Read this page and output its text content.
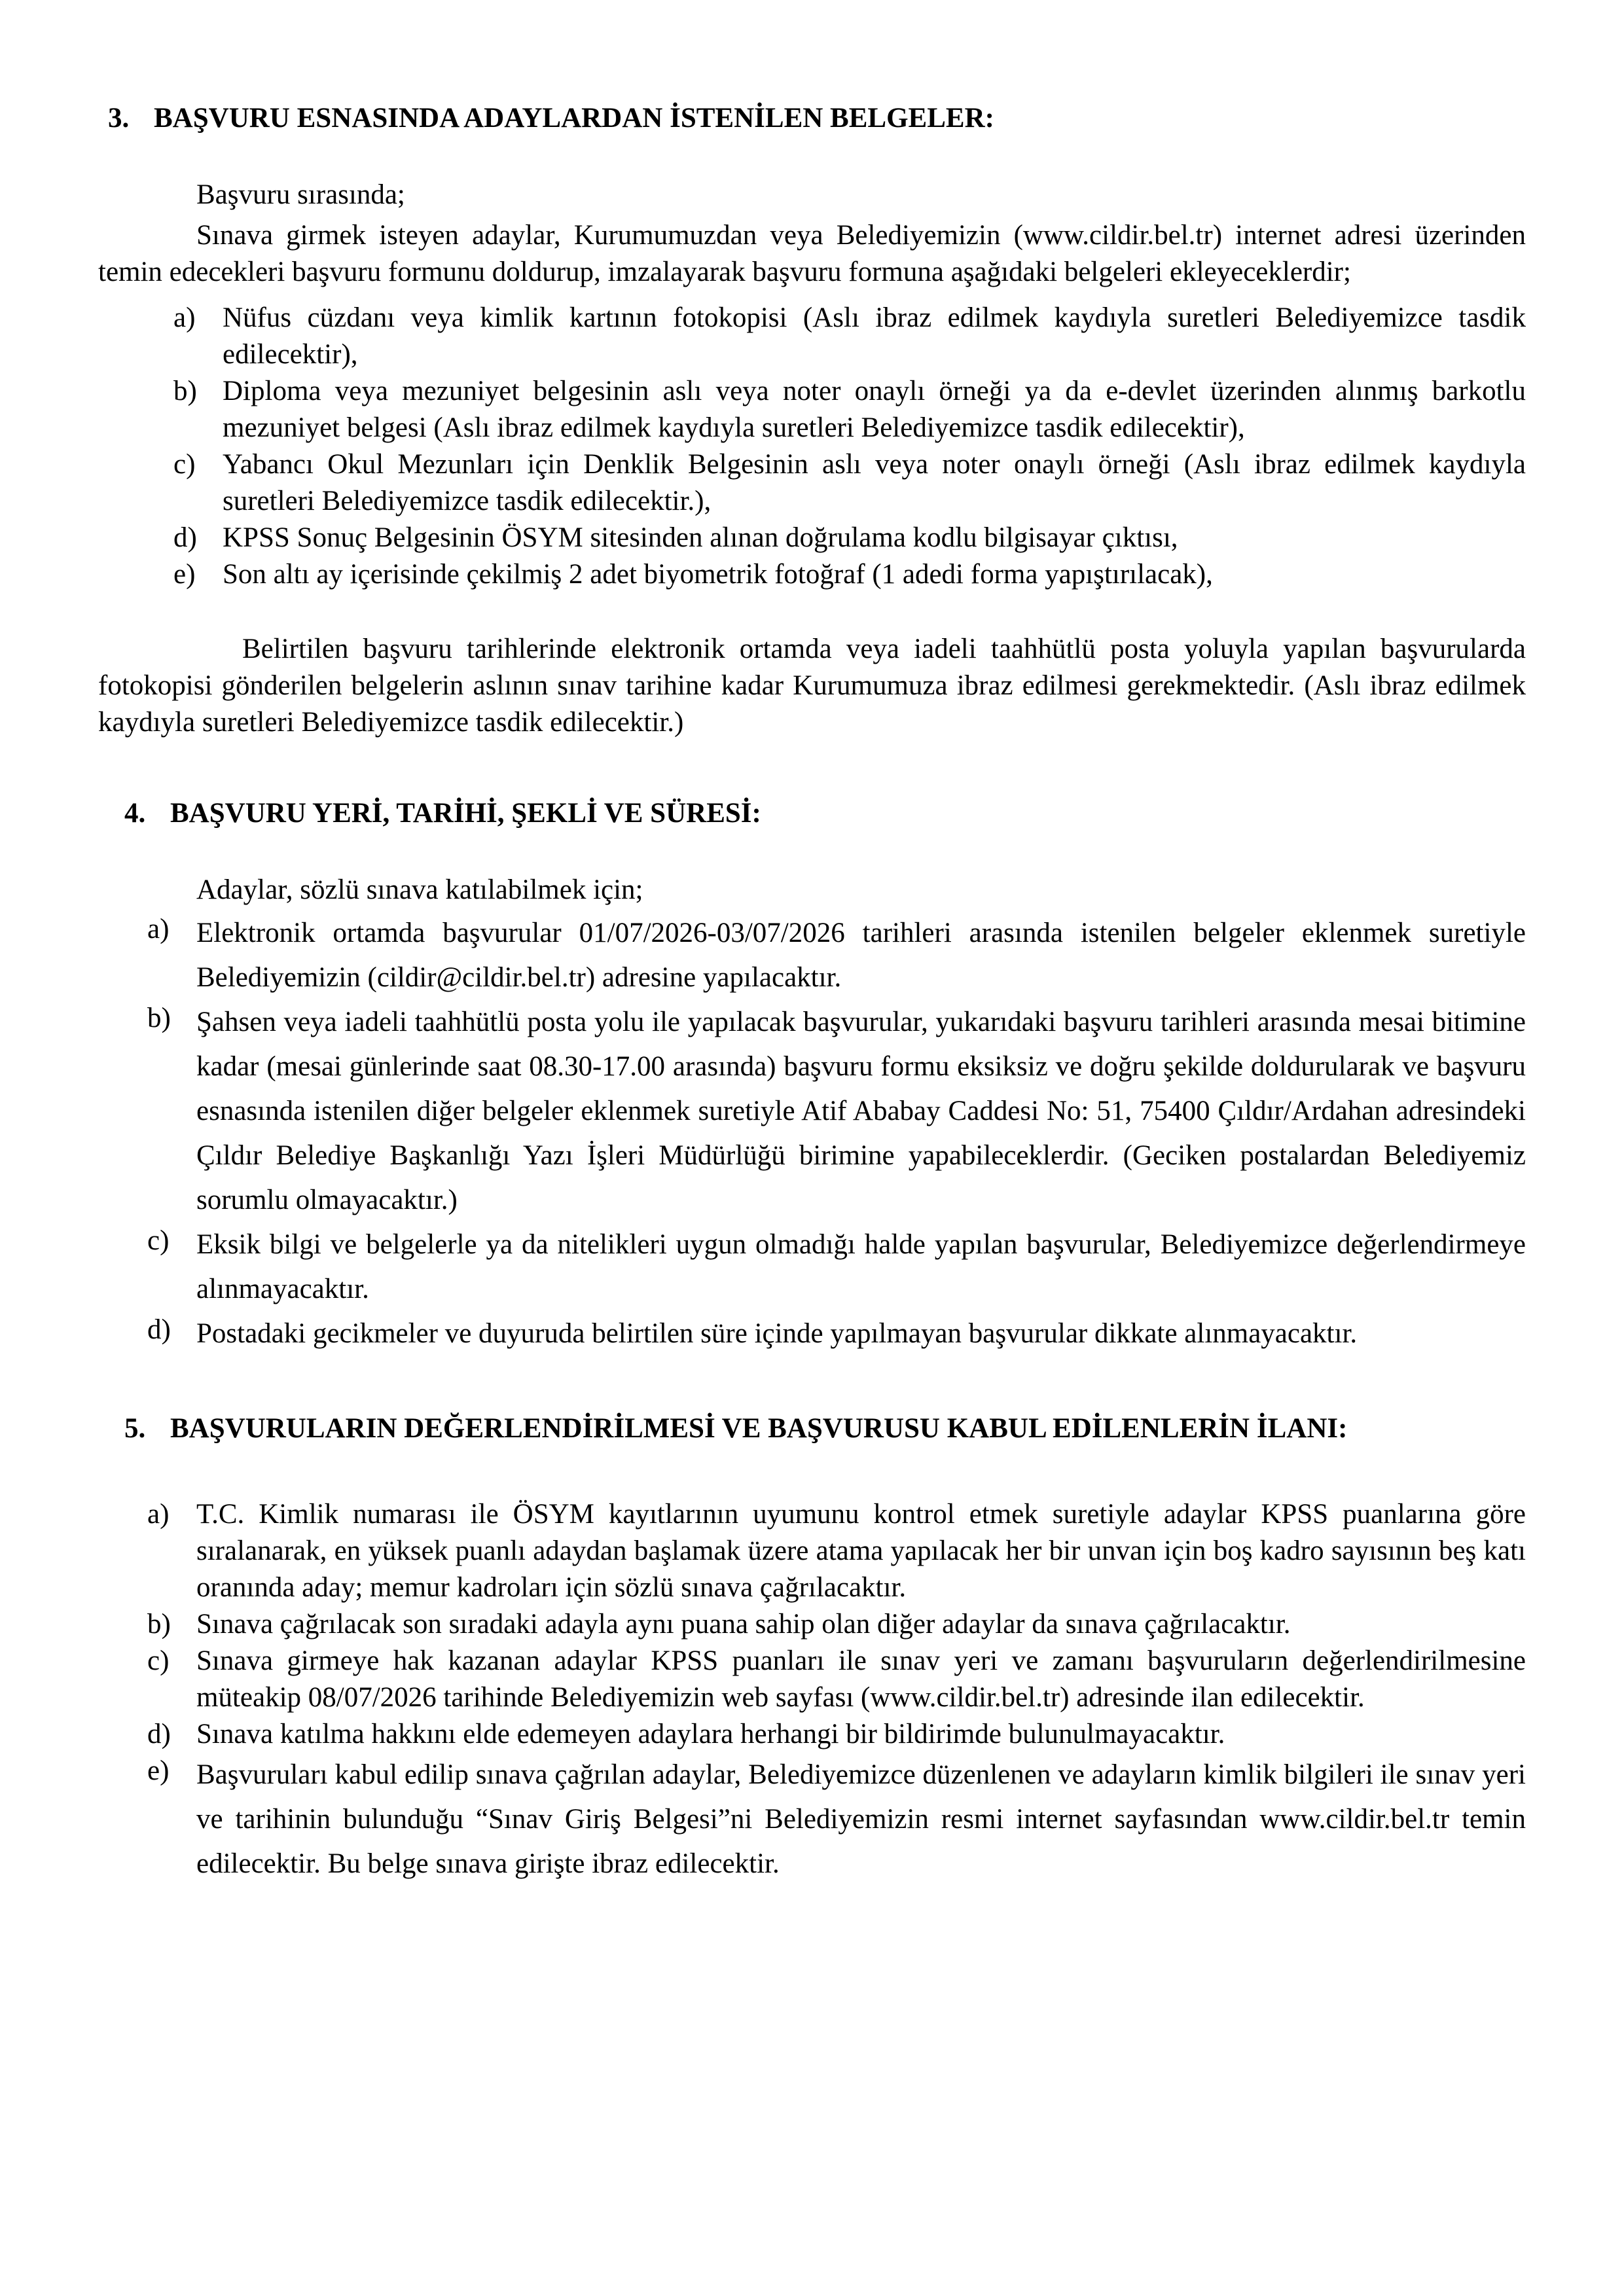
3. BAŞVURU ESNASINDA ADAYLARDAN İSTENİLEN BELGELER:

Başvuru sırasında;

Sınava girmek isteyen adaylar, Kurumumuzdan veya Belediyemizin (www.cildir.bel.tr) internet adresi üzerinden temin edecekleri başvuru formunu doldurup, imzalayarak başvuru formuna aşağıdaki belgeleri ekleyeceklerdir;

a) Nüfus cüzdanı veya kimlik kartının fotokopisi (Aslı ibraz edilmek kaydıyla suretleri Belediyemizce tasdik edilecektir),
b) Diploma veya mezuniyet belgesinin aslı veya noter onaylı örneği ya da e-devlet üzerinden alınmış barkotlu mezuniyet belgesi (Aslı ibraz edilmek kaydıyla suretleri Belediyemizce tasdik edilecektir),
c) Yabancı Okul Mezunları için Denklik Belgesinin aslı veya noter onaylı örneği (Aslı ibraz edilmek kaydıyla suretleri Belediyemizce tasdik edilecektir.),
d) KPSS Sonuç Belgesinin ÖSYM sitesinden alınan doğrulama kodlu bilgisayar çıktısı,
e) Son altı ay içerisinde çekilmiş 2 adet biyometrik fotoğraf (1 adedi forma yapıştırılacak),

Belirtilen başvuru tarihlerinde elektronik ortamda veya iadeli taahhütlü posta yoluyla yapılan başvurularda fotokopisi gönderilen belgelerin aslının sınav tarihine kadar Kurumumuza ibraz edilmesi gerekmektedir. (Aslı ibraz edilmek kaydıyla suretleri Belediyemizce tasdik edilecektir.)

4. BAŞVURU YERİ, TARİHİ, ŞEKLİ VE SÜRESİ:

Adaylar, sözlü sınava katılabilmek için;

a) Elektronik ortamda başvurular 01/07/2026-03/07/2026 tarihleri arasında istenilen belgeler eklenmek suretiyle Belediyemizin (cildir@cildir.bel.tr) adresine yapılacaktır.
b) Şahsen veya iadeli taahhütlü posta yolu ile yapılacak başvurular, yukarıdaki başvuru tarihleri arasında mesai bitimine kadar (mesai günlerinde saat 08.30-17.00 arasında) başvuru formu eksiksiz ve doğru şekilde doldurularak ve başvuru esnasında istenilen diğer belgeler eklenmek suretiyle Atif Ababay Caddesi No: 51, 75400 Çıldır/Ardahan adresindeki Çıldır Belediye Başkanlığı Yazı İşleri Müdürlüğü birimine yapabileceklerdir. (Geciken postalardan Belediyemiz sorumlu olmayacaktır.)
c) Eksik bilgi ve belgelerle ya da nitelikleri uygun olmadığı halde yapılan başvurular, Belediyemizce değerlendirmeye alınmayacaktır.
d) Postadaki gecikmeler ve duyuruda belirtilen süre içinde yapılmayan başvurular dikkate alınmayacaktır.
5. BAŞVURULARIN DEĞERLENDİRİLMESİ VE BAŞVURUSU KABUL EDİLENLERİN İLANI:
a) T.C. Kimlik numarası ile ÖSYM kayıtlarının uyumunu kontrol etmek suretiyle adaylar KPSS puanlarına göre sıralanarak, en yüksek puanlı adaydan başlamak üzere atama yapılacak her bir unvan için boş kadro sayısının beş katı oranında aday; memur kadroları için sözlü sınava çağrılacaktır.
b) Sınava çağrılacak son sıradaki adayla aynı puana sahip olan diğer adaylar da sınava çağrılacaktır.
c) Sınava girmeye hak kazanan adaylar KPSS puanları ile sınav yeri ve zamanı başvuruların değerlendirilmesine müteakip 08/07/2026 tarihinde Belediyemizin web sayfası (www.cildir.bel.tr) adresinde ilan edilecektir.
d) Sınava katılma hakkını elde edemeyen adaylara herhangi bir bildirimde bulunulmayacaktır.
e) Başvuruları kabul edilip sınava çağrılan adaylar, Belediyemizce düzenlenen ve adayların kimlik bilgileri ile sınav yeri ve tarihinin bulunduğu “Sınav Giriş Belgesi”ni Belediyemizin resmi internet sayfasından www.cildir.bel.tr temin edilecektir. Bu belge sınava girişte ibraz edilecektir.
